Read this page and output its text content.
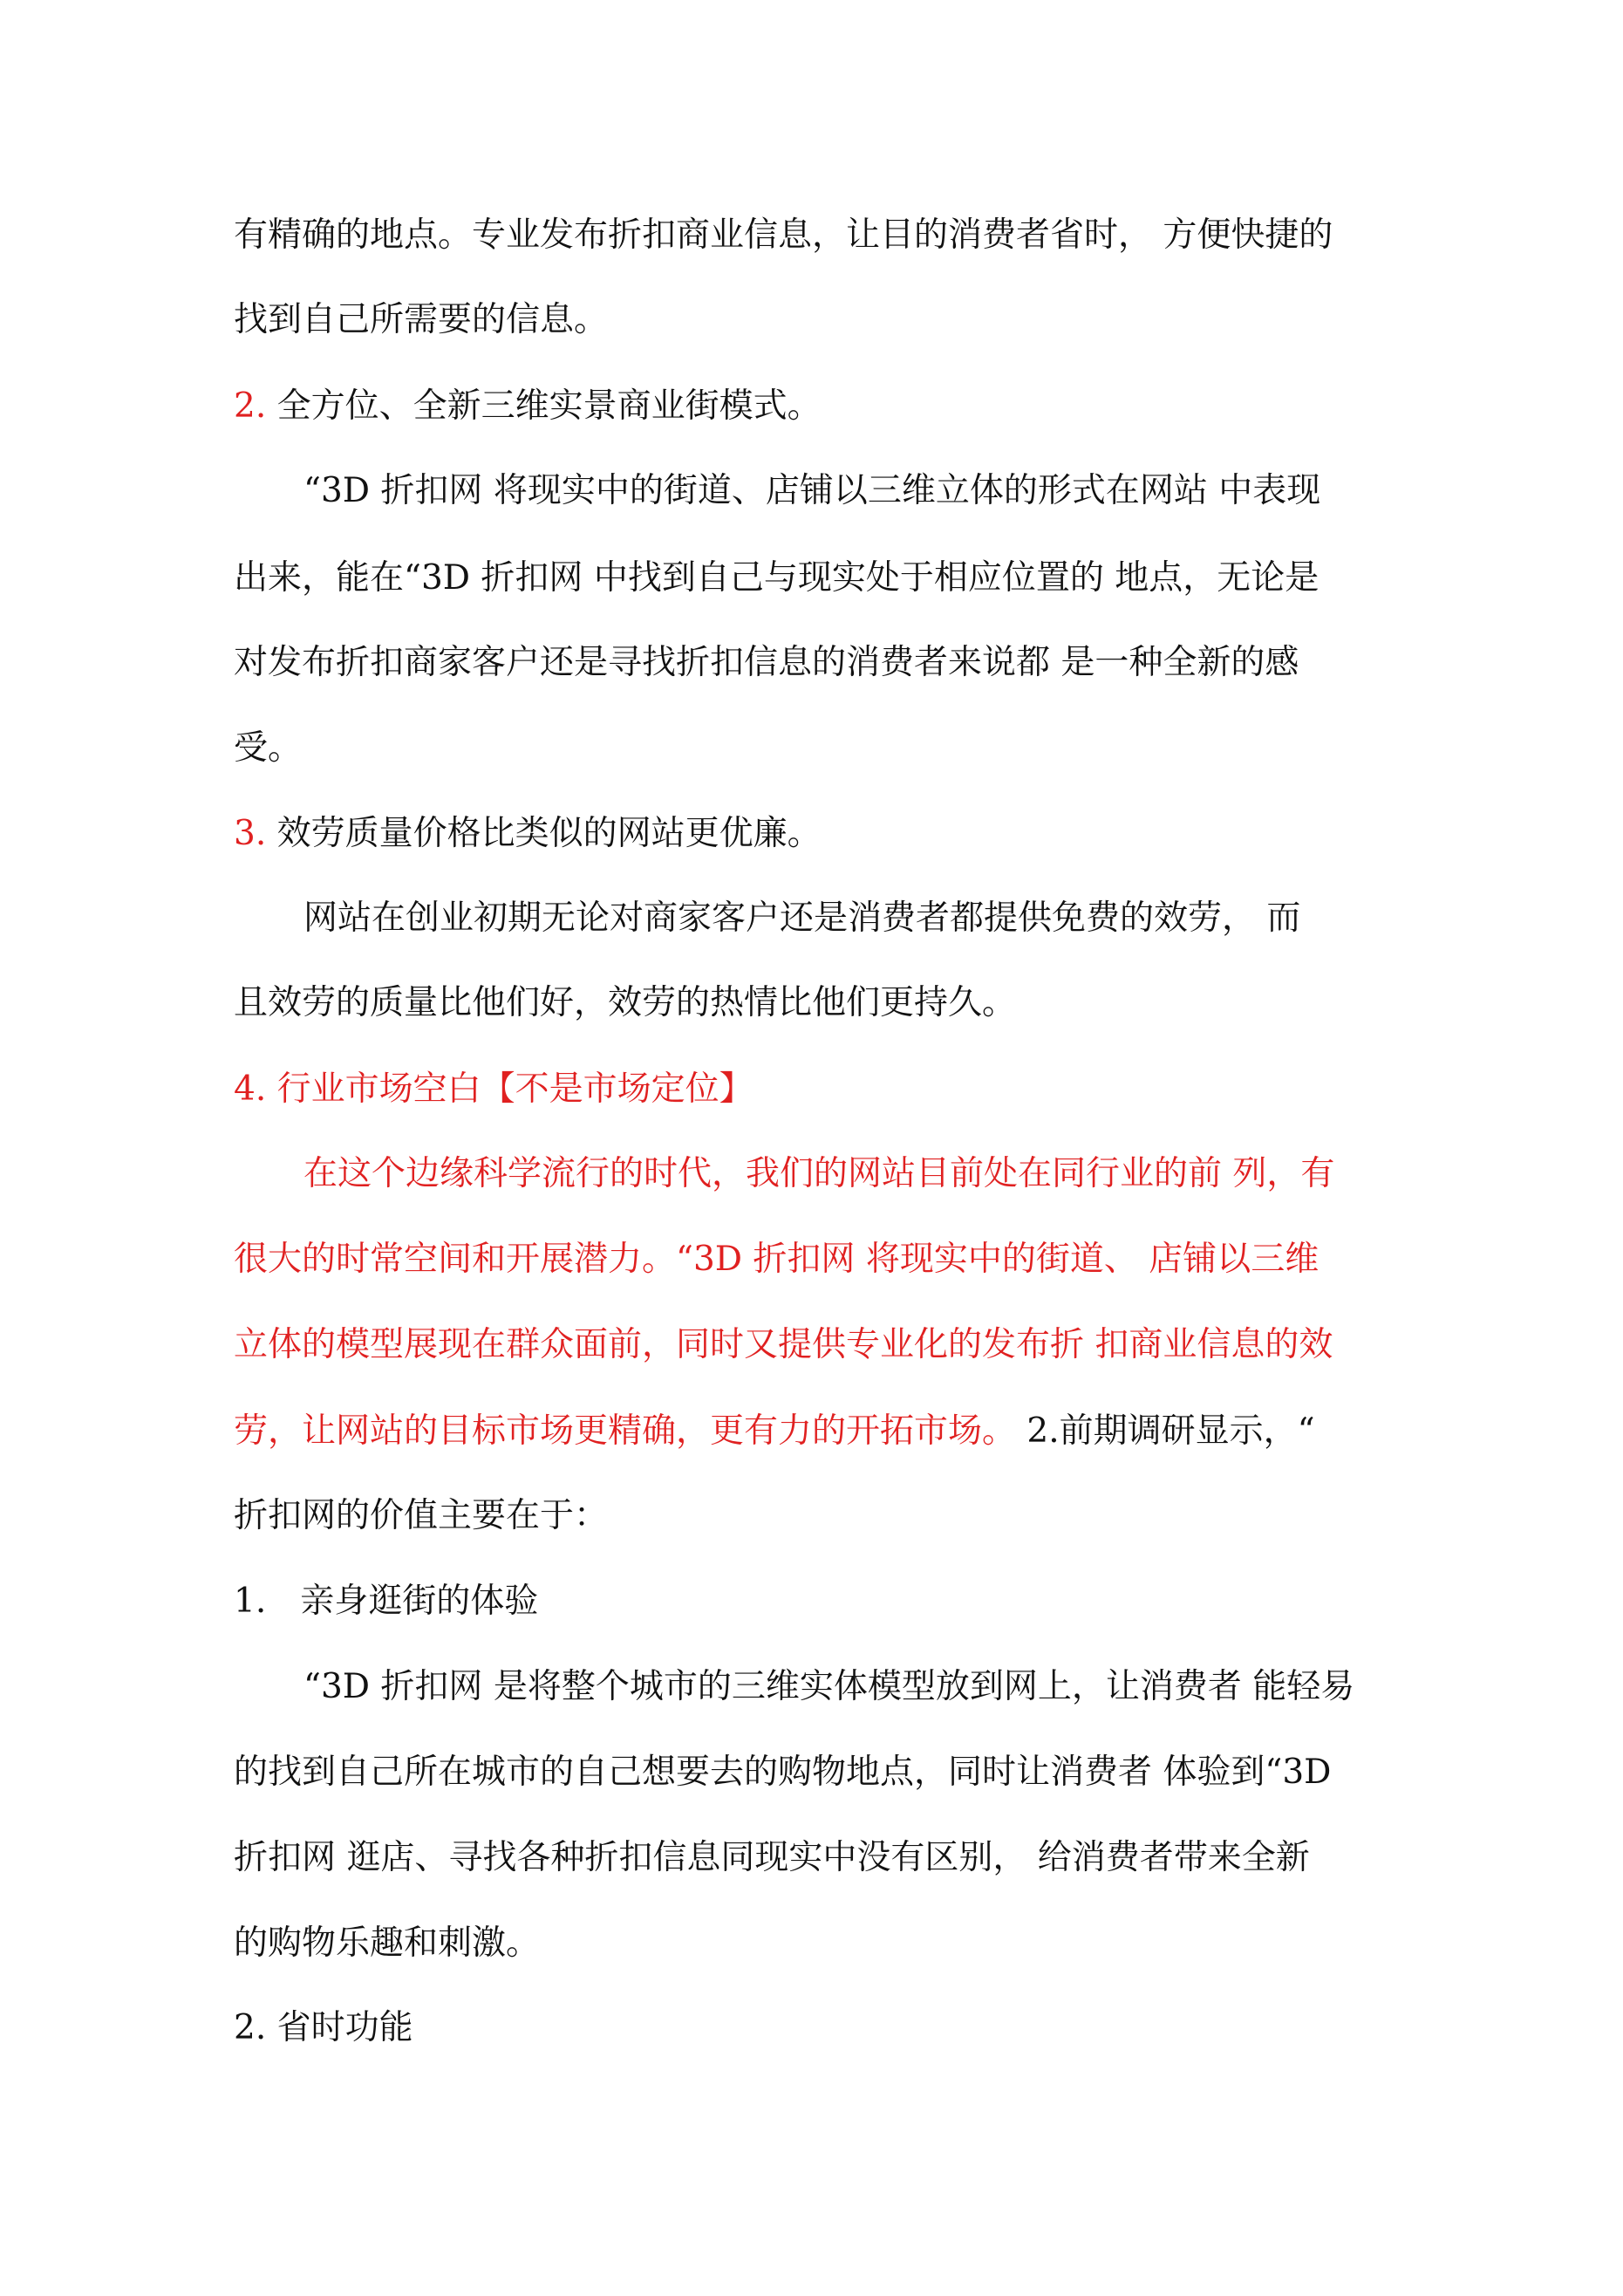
有精确的地点。专业发布折扣商业信息，让目的消费者省时， 方便快捷的

找到自己所需要的信息。

2. 全方位、全新三维实景商业街模式。

“3D 折扣网 将现实中的街道、店铺以三维立体的形式在网站 中表现

出来，能在“3D 折扣网 中找到自己与现实处于相应位置的 地点，无论是

对发布折扣商家客户还是寻找折扣信息的消费者来说都 是一种全新的感

受。

3. 效劳质量价格比类似的网站更优廉。

网站在创业初期无论对商家客户还是消费者都提供免费的效劳， 而

且效劳的质量比他们好，效劳的热情比他们更持久。

4. 行业市场空白【不是市场定位】

在这个边缘科学流行的时代，我们的网站目前处在同行业的前 列，有

很大的时常空间和开展潜力。“3D 折扣网 将现实中的街道、 店铺以三维

立体的模型展现在群众面前，同时又提供专业化的发布折 扣商业信息的效

劳，让网站的目标市场更精确，更有力的开拓市场。 2.前期调研显示，“

折扣网的价值主要在于：

1.　亲身逛街的体验

“3D 折扣网 是将整个城市的三维实体模型放到网上，让消费者 能轻易

的找到自己所在城市的自己想要去的购物地点，同时让消费者 体验到“3D

折扣网 逛店、寻找各种折扣信息同现实中没有区别， 给消费者带来全新

的购物乐趣和刺激。

2. 省时功能
